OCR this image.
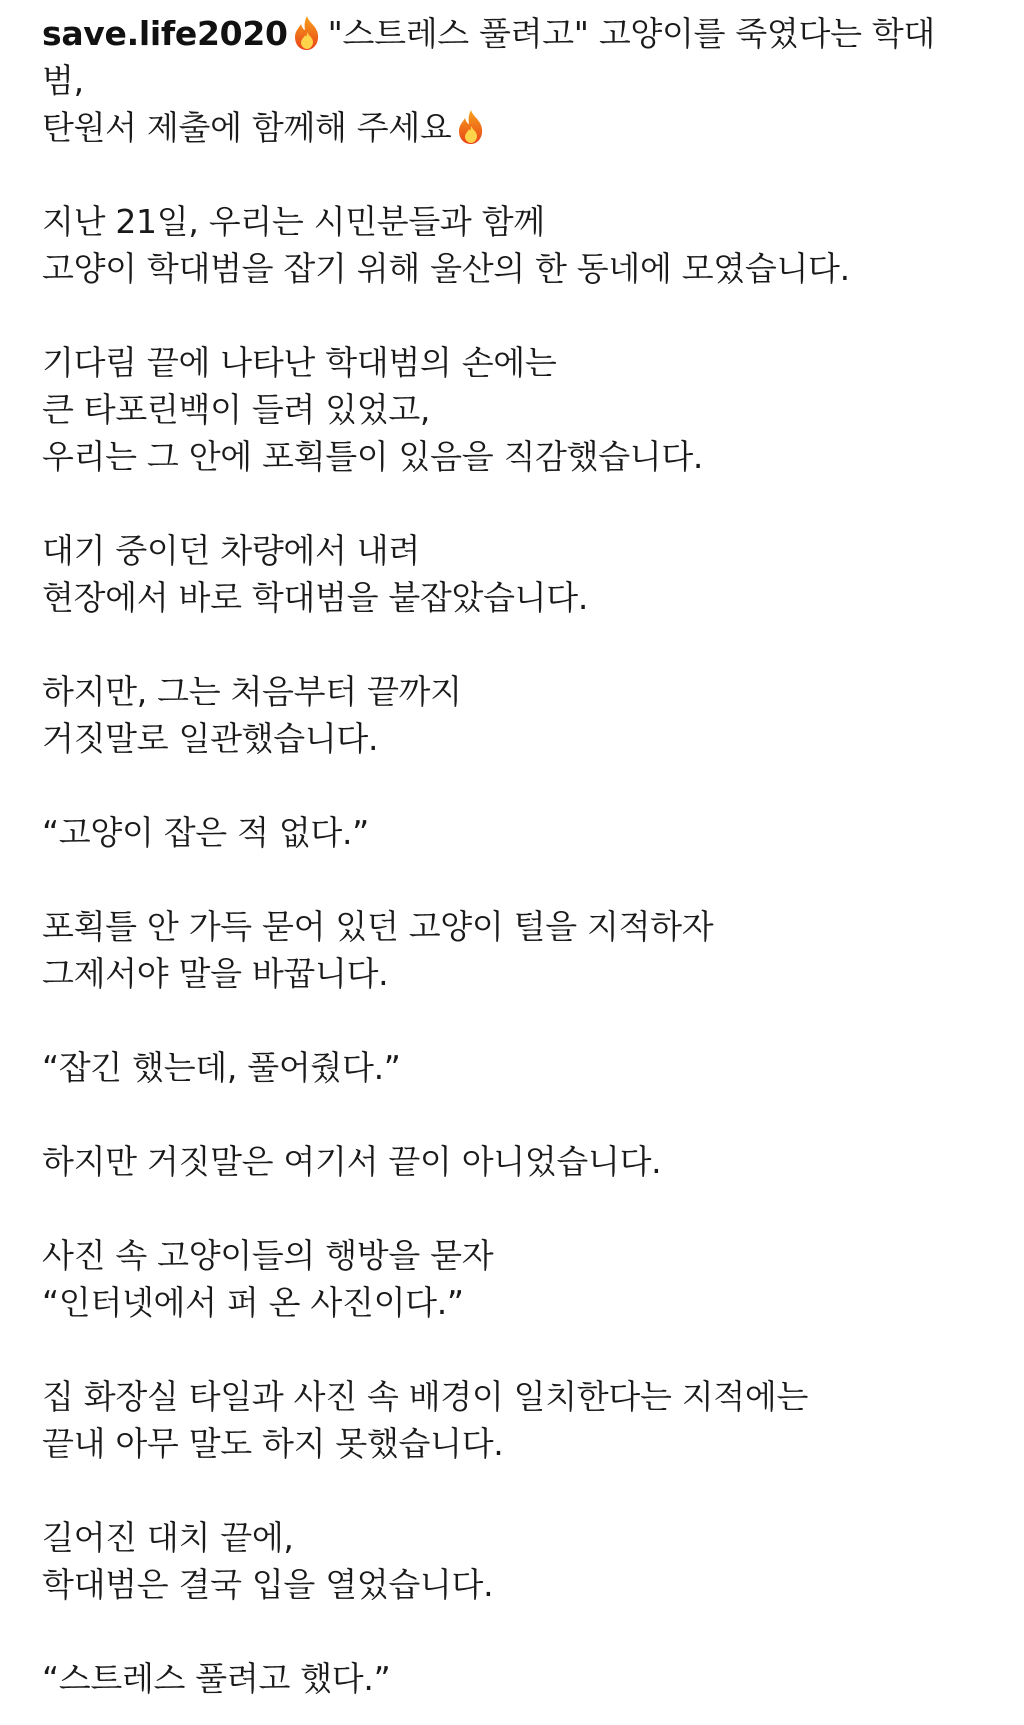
save.life2020 "스트레스 풀려고" 고양이를 죽였다는 학대
범,
탄원서 제출에 함께해 주세요
지난 21일, 우리는 시민분들과 함께
고양이 학대범을 잡기 위해 울산의 한 동네에 모였습니다.
기다림 끝에 나타난 학대범의 손에는
큰 타포린백이 들려 있었고,
우리는 그 안에 포획틀이 있음을 직감했습니다.
대기 중이던 차량에서 내려
현장에서 바로 학대범을 붙잡았습니다.
하지만, 그는 처음부터 끝까지
거짓말로 일관했습니다.
“고양이 잡은 적 없다.”
포획틀 안 가득 묻어 있던 고양이 털을 지적하자
그제서야 말을 바꿉니다.
“잡긴 했는데, 풀어줬다.”
하지만 거짓말은 여기서 끝이 아니었습니다.
사진 속 고양이들의 행방을 묻자
“인터넷에서 퍼 온 사진이다.”
집 화장실 타일과 사진 속 배경이 일치한다는 지적에는
끝내 아무 말도 하지 못했습니다.
길어진 대치 끝에,
학대범은 결국 입을 열었습니다.
“스트레스 풀려고 했다.”
